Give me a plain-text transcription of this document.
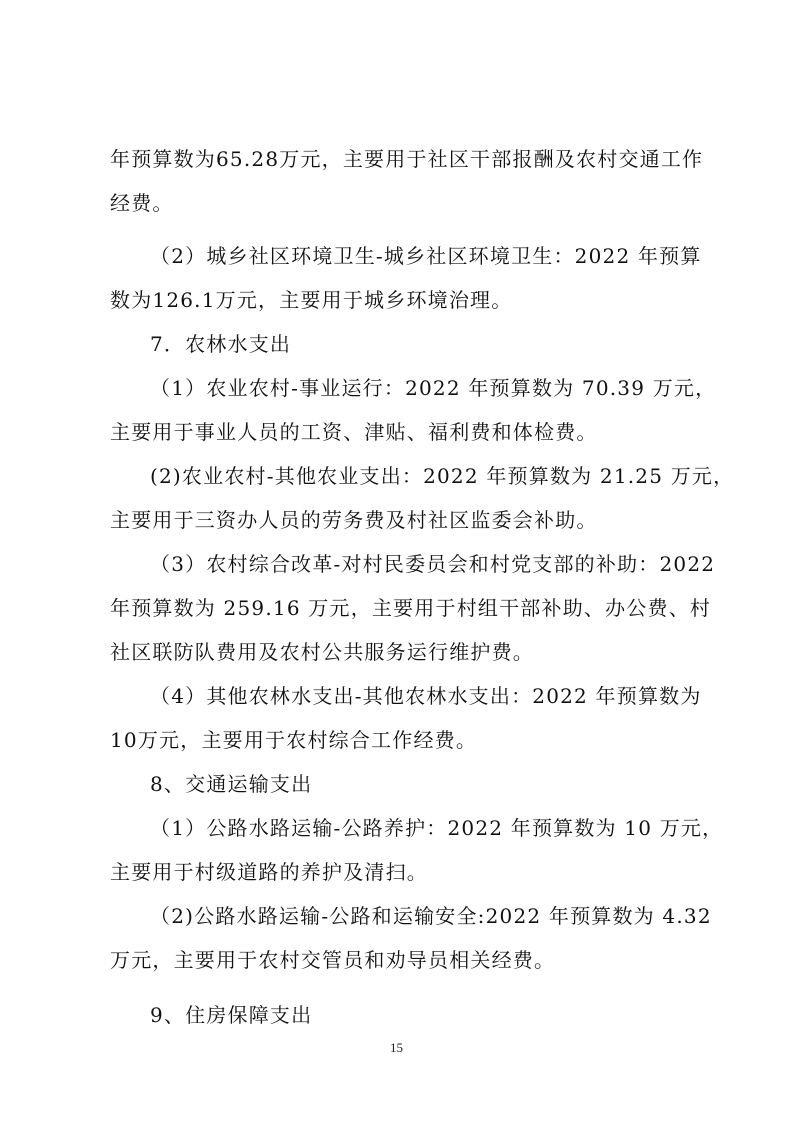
年预算数为65.28万元，主要用于社区干部报酬及农村交通工作
经费。
（2）城乡社区环境卫生-城乡社区环境卫生：2022 年预算
数为126.1万元，主要用于城乡环境治理。
7．农林水支出
（1）农业农村-事业运行：2022 年预算数为 70.39 万元，
主要用于事业人员的工资、津贴、福利费和体检费。
(2)农业农村-其他农业支出：2022 年预算数为 21.25 万元，
主要用于三资办人员的劳务费及村社区监委会补助。
（3）农村综合改革-对村民委员会和村党支部的补助：2022
年预算数为 259.16 万元，主要用于村组干部补助、办公费、村
社区联防队费用及农村公共服务运行维护费。
（4）其他农林水支出-其他农林水支出：2022 年预算数为
10万元，主要用于农村综合工作经费。
8、交通运输支出
（1）公路水路运输-公路养护：2022 年预算数为 10 万元，
主要用于村级道路的养护及清扫。
（2)公路水路运输-公路和运输安全:2022 年预算数为 4.32
万元，主要用于农村交管员和劝导员相关经费。
9、住房保障支出
15
